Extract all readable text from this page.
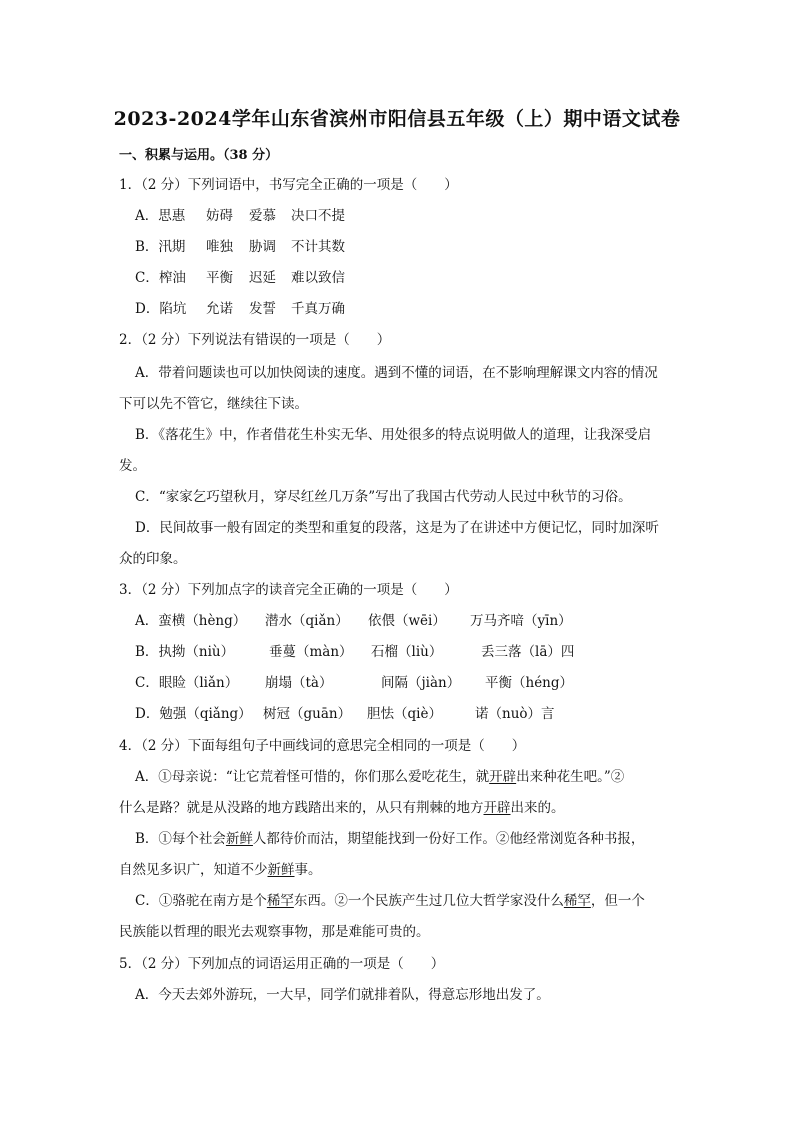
2023-2024学年山东省滨州市阳信县五年级（上）期中语文试卷
一、积累与运用。（38 分）
1．（2 分）下列词语中，书写完全正确的一项是（　　）
A．思惠 妨碍 爱慕 决口不提
B．汛期 唯独 胁调 不计其数
C．榨油 平衡 迟延 难以致信
D．陷坑 允诺 发誓 千真万确
2．（2 分）下列说法有错误的一项是（　　）
A．带着问题读也可以加快阅读的速度。遇到不懂的词语，在不影响理解课文内容的情况
下可以先不管它，继续往下读。
B．《落花生》中，作者借花生朴实无华、用处很多的特点说明做人的道理，让我深受启
发。
C．“家家乞巧望秋月，穿尽红丝几万条”写出了我国古代劳动人民过中秋节的习俗。
D．民间故事一般有固定的类型和重复的段落，这是为了在讲述中方便记忆，同时加深听
众的印象。
3．（2 分）下列加点字的读音完全正确的一项是（　　）
A．蛮横（hèng） 潜水（qiǎn） 依偎（wēi） 万马齐喑（yīn）
B．执拗（niù）	垂蔓（màn） 石榴（liù）	丢三落（lā）四
C．眼睑（liǎn） 崩塌（tà）	间隔（jiàn） 平衡（héng）
D．勉强（qiǎng） 树冠（guān） 胆怯（qiè） 诺（nuò）言
4．（2 分）下面每组句子中画线词的意思完全相同的一项是（　　）
A．①母亲说：“让它荒着怪可惜的，你们那么爱吃花生，就开辟出来种花生吧。”②
什么是路？就是从没路的地方践踏出来的，从只有荆棘的地方开辟出来的。
B．①每个社会新鲜人都待价而沽，期望能找到一份好工作。②他经常浏览各种书报，
自然见多识广，知道不少新鲜事。
C．①骆驼在南方是个稀罕东西。②一个民族产生过几位大哲学家没什么稀罕，但一个
民族能以哲理的眼光去观察事物，那是难能可贵的。
5．（2 分）下列加点的词语运用正确的一项是（　　）
A．今天去郊外游玩，一大早，同学们就排着队，得意忘形地出发了。
